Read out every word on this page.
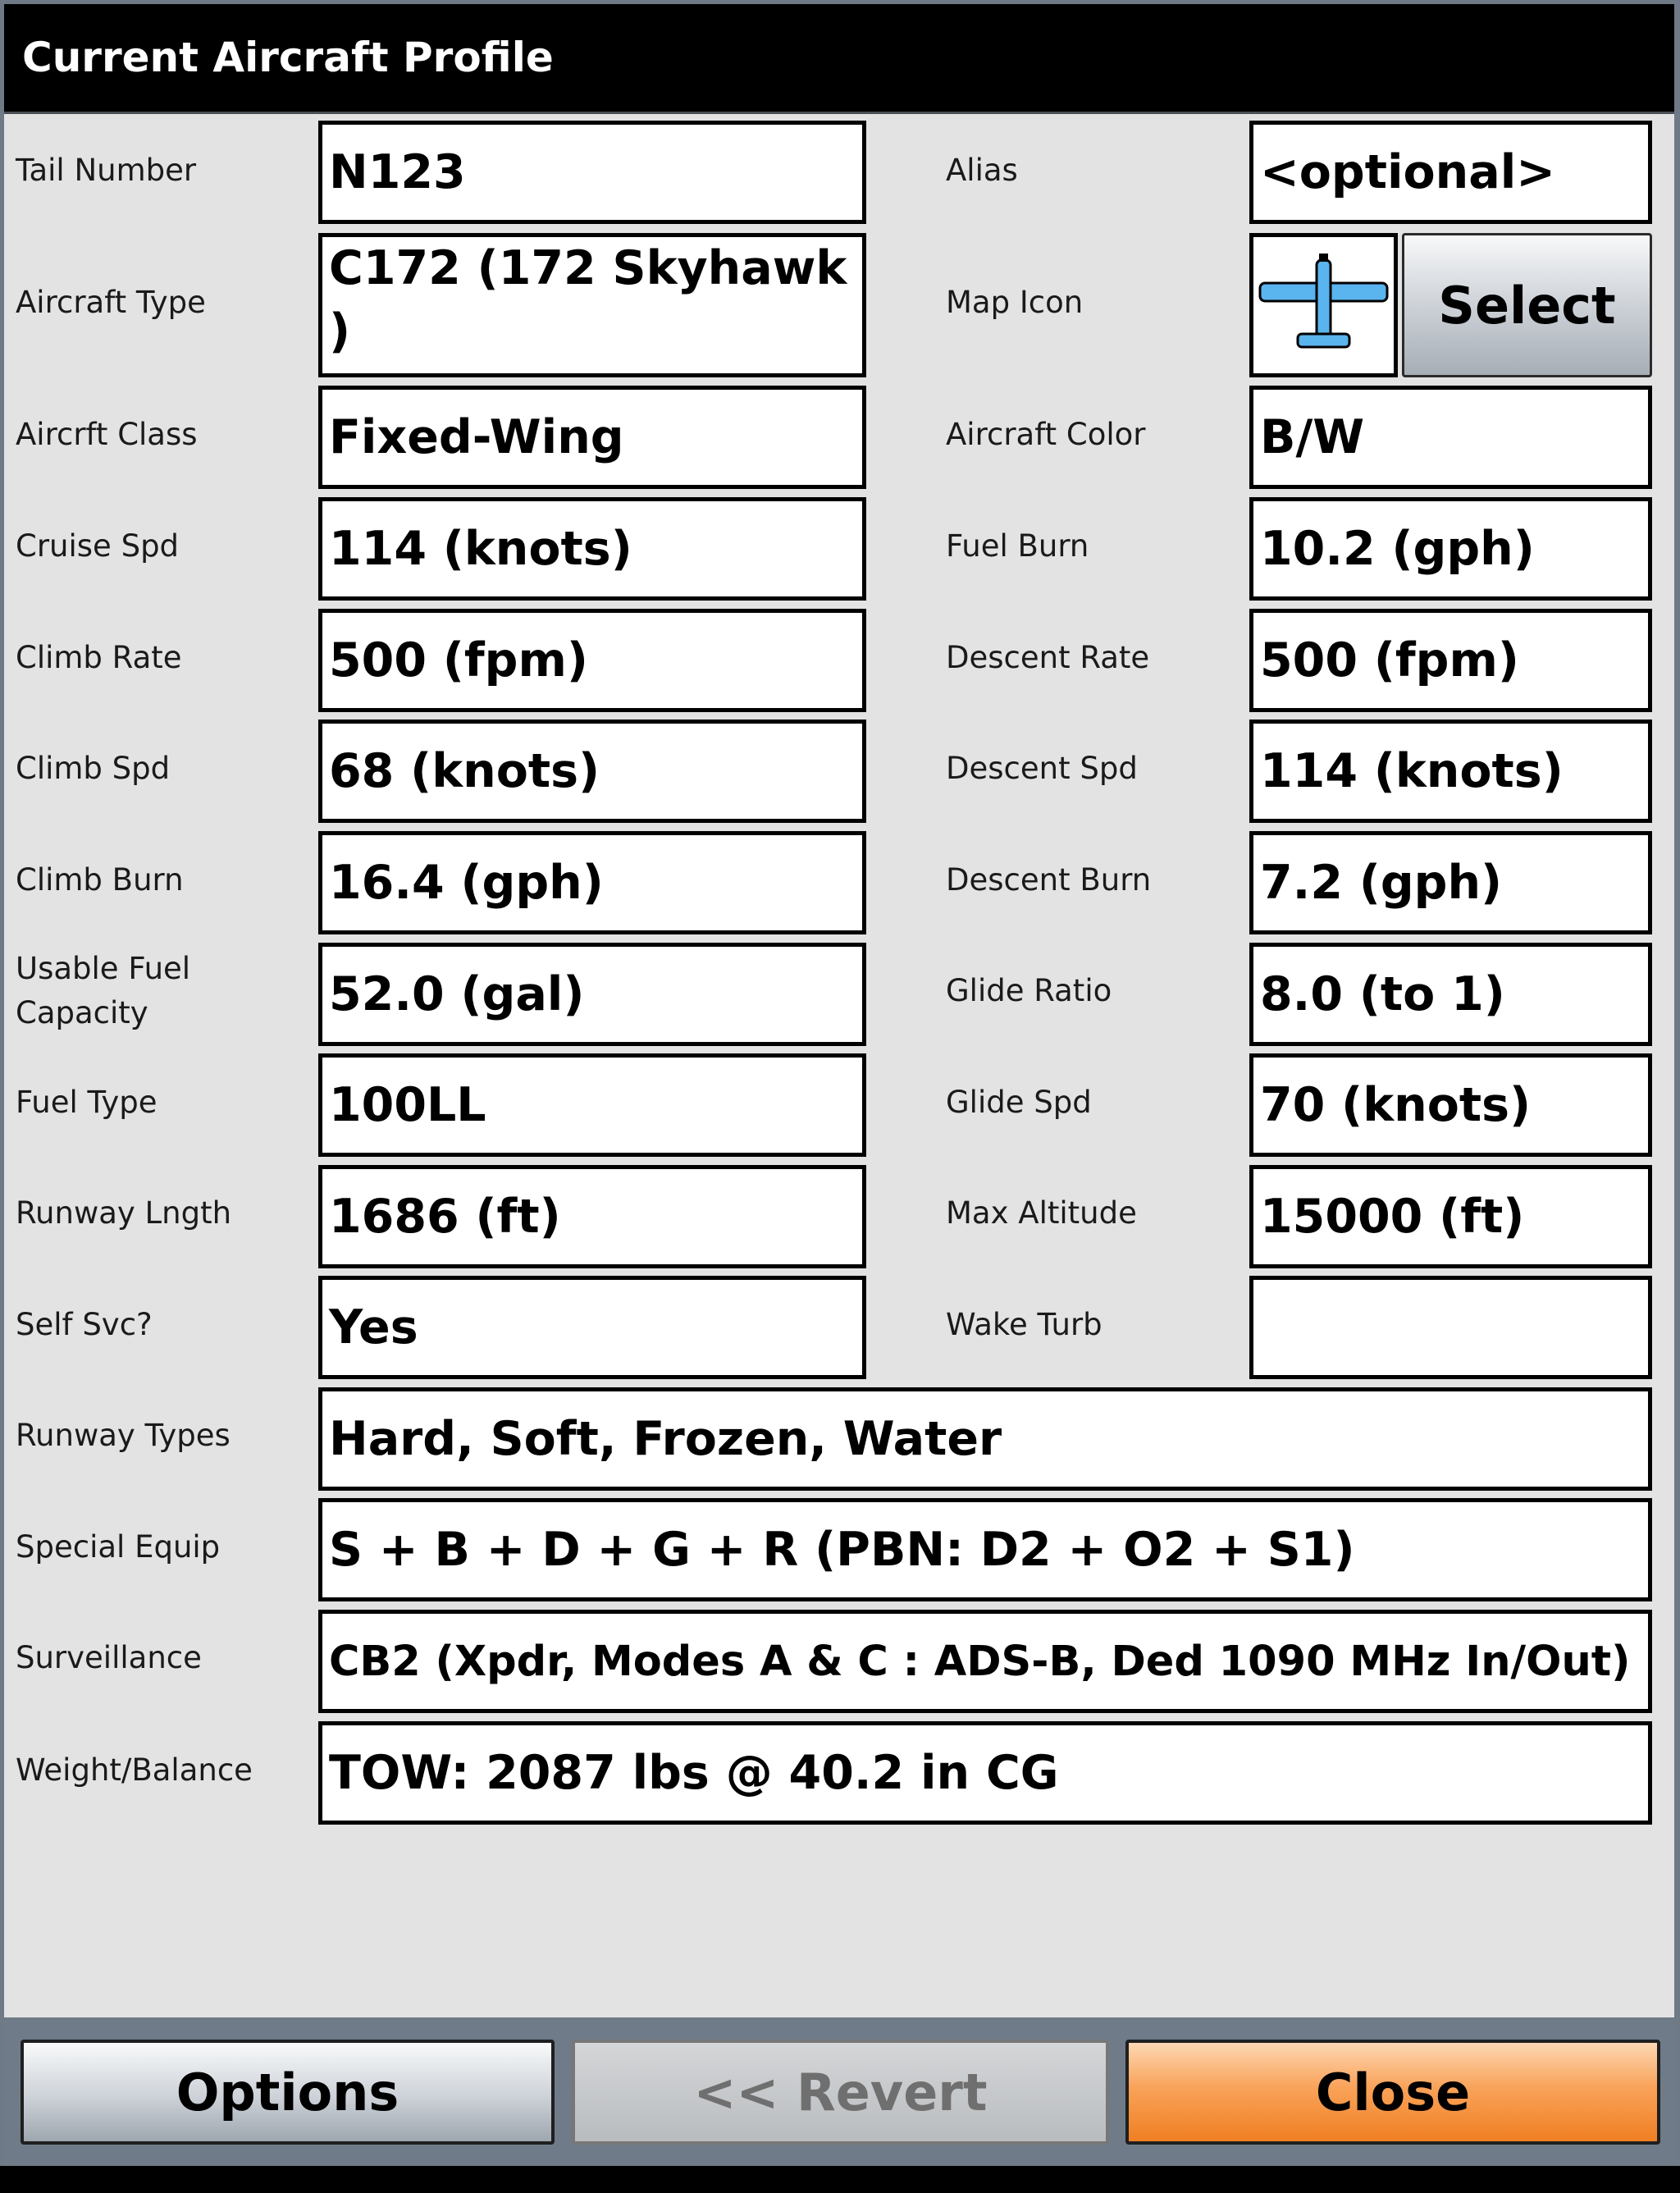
Current Aircraft Profile
Tail Number
Aircraft Type
Aircrft Class
Cruise Spd
Climb Rate
Climb Spd
Climb Burn
Usable Fuel Capacity
Fuel Type
Runway Lngth
Self Svc?
N123
C172 (172 Skyhawk )
Fixed-Wing
114 (knots)
500 (fpm)
68 (knots)
16.4 (gph)
52.0 (gal)
100LL
1686 (ft)
Yes
Alias
Map Icon
Aircraft Color
Fuel Burn
Descent Rate
Descent Spd
Descent Burn
Glide Ratio
Glide Spd
Max Altitude
Wake Turb
<optional>
Select
B/W
10.2 (gph)
500 (fpm)
114 (knots)
7.2 (gph)
8.0 (to 1)
70 (knots)
15000 (ft)
Runway Types
Special Equip
Surveillance
Weight/Balance
Hard, Soft, Frozen, Water
S + B + D + G + R (PBN: D2 + O2 + S1)
CB2 (Xpdr, Modes A & C : ADS-B, Ded 1090 MHz In/Out)
TOW: 2087 lbs @ 40.2 in CG
Options	<< Revert	Close
